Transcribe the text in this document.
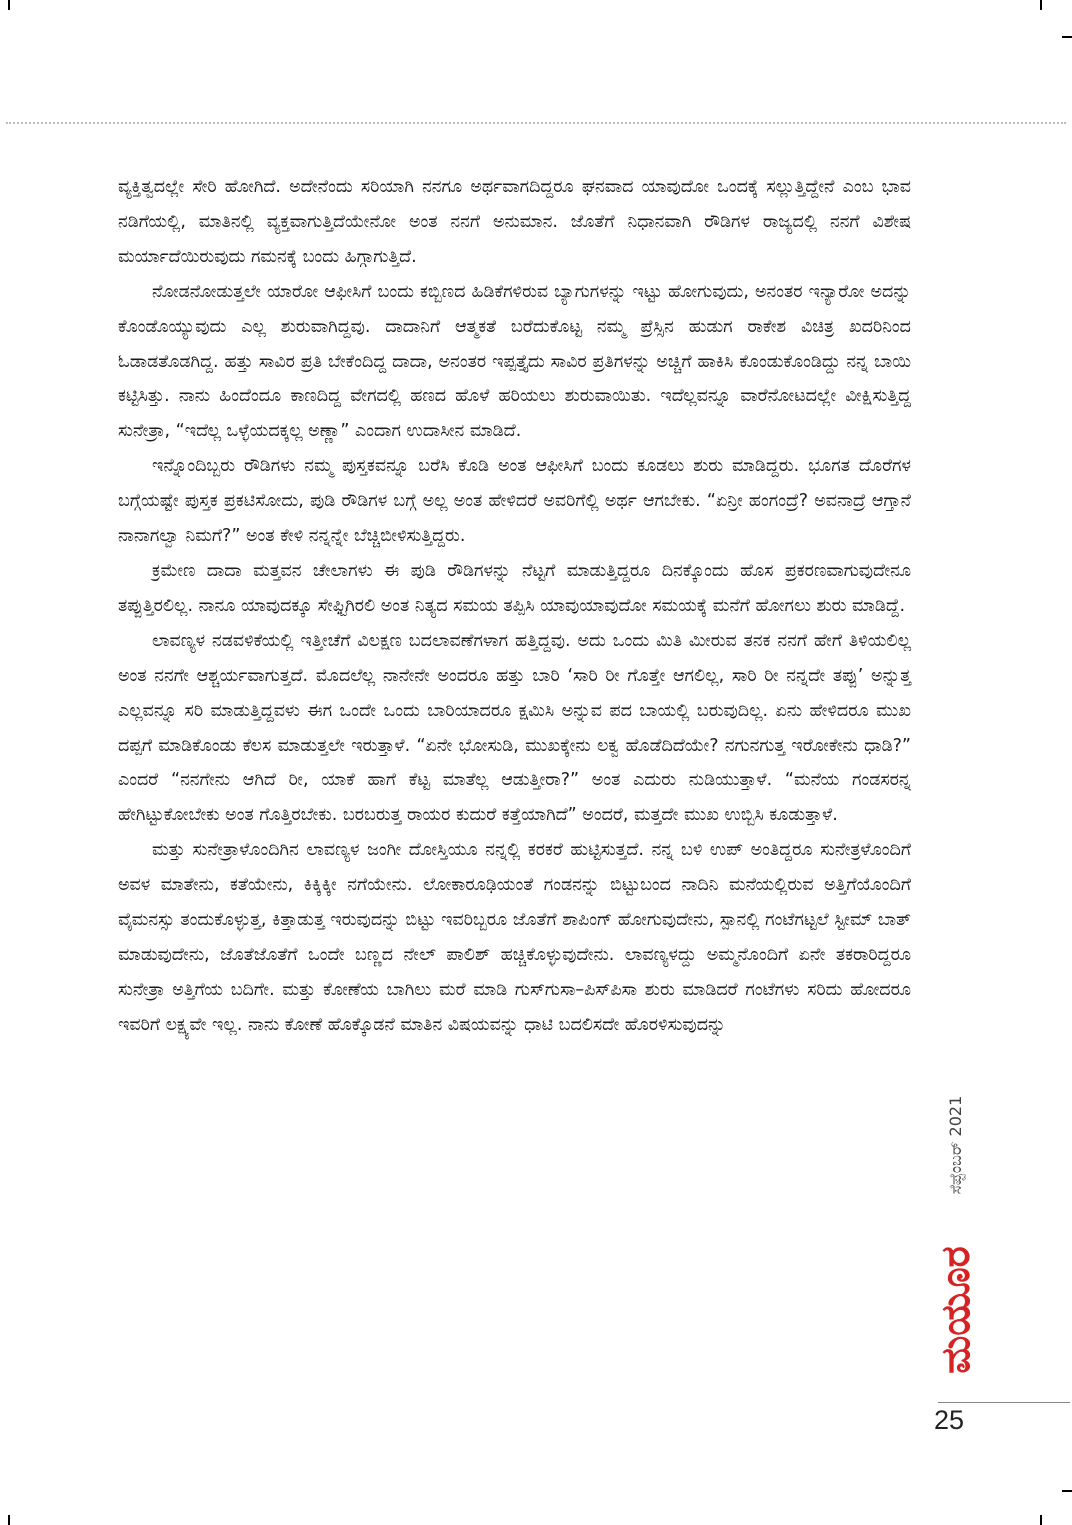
ವ್ಯಕ್ತಿತ್ವದಲ್ಲೇ ಸೇರಿ ಹೋಗಿದೆ. ಅದೇನೆಂದು ಸರಿಯಾಗಿ ನನಗೂ ಅರ್ಥವಾಗದಿದ್ದರೂ ಘನವಾದ ಯಾವುದೋ ಒಂದಕ್ಕೆ ಸಲ್ಲುತ್ತಿದ್ದೇನೆ ಎಂಬ ಭಾವ ನಡಿಗೆಯಲ್ಲಿ, ಮಾತಿನಲ್ಲಿ ವ್ಯಕ್ತವಾಗುತ್ತಿದೆಯೇನೋ ಅಂತ ನನಗೆ ಅನುಮಾನ. ಜೊತೆಗೆ ನಿಧಾನವಾಗಿ ರೌಡಿಗಳ ರಾಜ್ಯದಲ್ಲಿ ನನಗೆ ವಿಶೇಷ ಮರ್ಯಾದೆಯಿರುವುದು ಗಮನಕ್ಕೆ ಬಂದು ಹಿಗ್ಗಾಗುತ್ತಿದೆ.

ನೋಡನೋಡುತ್ತಲೇ ಯಾರೋ ಆಫೀಸಿಗೆ ಬಂದು ಕಬ್ಬಿಣದ ಹಿಡಿಕೆಗಳಿರುವ ಬ್ಯಾಗುಗಳನ್ನು ಇಟ್ಟು ಹೋಗುವುದು, ಅನಂತರ ಇನ್ಯಾರೋ ಅದನ್ನು ಕೊಂಡೊಯ್ಯುವುದು ಎಲ್ಲ ಶುರುವಾಗಿದ್ದವು. ದಾದಾನಿಗೆ ಆತ್ಮಕತೆ ಬರೆದುಕೊಟ್ಟ ನಮ್ಮ ಪ್ರೆಸ್ಸಿನ ಹುಡುಗ ರಾಕೇಶ ವಿಚಿತ್ರ ಖದರಿನಿಂದ ಓಡಾಡತೊಡಗಿದ್ದ. ಹತ್ತು ಸಾವಿರ ಪ್ರತಿ ಬೇಕೆಂದಿದ್ದ ದಾದಾ, ಅನಂತರ ಇಪ್ಪತ್ತೈದು ಸಾವಿರ ಪ್ರತಿಗಳನ್ನು ಅಚ್ಚಿಗೆ ಹಾಕಿಸಿ ಕೊಂಡುಕೊಂಡಿದ್ದು ನನ್ನ ಬಾಯಿ ಕಟ್ಟಿಸಿತ್ತು. ನಾನು ಹಿಂದೆಂದೂ ಕಾಣದಿದ್ದ ವೇಗದಲ್ಲಿ ಹಣದ ಹೊಳೆ ಹರಿಯಲು ಶುರುವಾಯಿತು. ಇದೆಲ್ಲವನ್ನೂ ವಾರೆನೋಟದಲ್ಲೇ ವೀಕ್ಷಿಸುತ್ತಿದ್ದ ಸುನೇತ್ರಾ, “ಇದೆಲ್ಲ ಒಳ್ಳೆಯದಕ್ಕಲ್ಲ ಅಣ್ಣಾ” ಎಂದಾಗ ಉದಾಸೀನ ಮಾಡಿದೆ.

ಇನ್ನೊಂದಿಬ್ಬರು ರೌಡಿಗಳು ನಮ್ಮ ಪುಸ್ತಕವನ್ನೂ ಬರೆಸಿ ಕೊಡಿ ಅಂತ ಆಫೀಸಿಗೆ ಬಂದು ಕೂಡಲು ಶುರು ಮಾಡಿದ್ದರು. ಭೂಗತ ದೊರೆಗಳ ಬಗ್ಗೆಯಷ್ಟೇ ಪುಸ್ತಕ ಪ್ರಕಟಿಸೋದು, ಪುಡಿ ರೌಡಿಗಳ ಬಗ್ಗೆ ಅಲ್ಲ ಅಂತ ಹೇಳಿದರೆ ಅವರಿಗೆಲ್ಲಿ ಅರ್ಥ ಆಗಬೇಕು. “ಏನ್ರೀ ಹಂಗಂದ್ರೆ? ಅವನಾದ್ರೆ ಆಗ್ತಾನೆ ನಾನಾಗಲ್ವಾ ನಿಮಗೆ?” ಅಂತ ಕೇಳಿ ನನ್ನನ್ನೇ ಬೆಚ್ಚಿಬೀಳಿಸುತ್ತಿದ್ದರು.

ಕ್ರಮೇಣ ದಾದಾ ಮತ್ತವನ ಚೇಲಾಗಳು ಈ ಪುಡಿ ರೌಡಿಗಳನ್ನು ನೆಟ್ಟಗೆ ಮಾಡುತ್ತಿದ್ದರೂ ದಿನಕ್ಕೊಂದು ಹೊಸ ಪ್ರಕರಣವಾಗುವುದೇನೂ ತಪ್ಪುತ್ತಿರಲಿಲ್ಲ. ನಾನೂ ಯಾವುದಕ್ಕೂ ಸೇಫ್ಟಿಗಿರಲಿ ಅಂತ ನಿತ್ಯದ ಸಮಯ ತಪ್ಪಿಸಿ ಯಾವುಯಾವುದೋ ಸಮಯಕ್ಕೆ ಮನೆಗೆ ಹೋಗಲು ಶುರು ಮಾಡಿದ್ದೆ.

ಲಾವಣ್ಯಳ ನಡವಳಿಕೆಯಲ್ಲಿ ಇತ್ತೀಚೆಗೆ ವಿಲಕ್ಷಣ ಬದಲಾವಣೆಗಳಾಗ ಹತ್ತಿದ್ದವು. ಅದು ಒಂದು ಮಿತಿ ಮೀರುವ ತನಕ ನನಗೆ ಹೇಗೆ ತಿಳಿಯಲಿಲ್ಲ ಅಂತ ನನಗೇ ಆಶ್ಚರ್ಯವಾಗುತ್ತದೆ. ಮೊದಲೆಲ್ಲ ನಾನೇನೇ ಅಂದರೂ ಹತ್ತು ಬಾರಿ ‘ಸಾರಿ ರೀ ಗೊತ್ತೇ ಆಗಲಿಲ್ಲ, ಸಾರಿ ರೀ ನನ್ನದೇ ತಪ್ಪು’ ಅನ್ನುತ್ತ ಎಲ್ಲವನ್ನೂ ಸರಿ ಮಾಡುತ್ತಿದ್ದವಳು ಈಗ ಒಂದೇ ಒಂದು ಬಾರಿಯಾದರೂ ಕ್ಷಮಿಸಿ ಅನ್ನುವ ಪದ ಬಾಯಲ್ಲಿ ಬರುವುದಿಲ್ಲ. ಏನು ಹೇಳಿದರೂ ಮುಖ ದಪ್ಪಗೆ ಮಾಡಿಕೊಂಡು ಕೆಲಸ ಮಾಡುತ್ತಲೇ ಇರುತ್ತಾಳೆ. “ಏನೇ ಭೋಸುಡಿ, ಮುಖಕ್ಕೇನು ಲಕ್ವ ಹೊಡೆದಿದೆಯೇ? ನಗುನಗುತ್ತ ಇರೋಕೇನು ಧಾಡಿ?” ಎಂದರೆ “ನನಗೇನು ಆಗಿದೆ ರೀ, ಯಾಕೆ ಹಾಗೆ ಕೆಟ್ಟ ಮಾತೆಲ್ಲ ಆಡುತ್ತೀರಾ?” ಅಂತ ಎದುರು ನುಡಿಯುತ್ತಾಳೆ. “ಮನೆಯ ಗಂಡಸರನ್ನ ಹೇಗಿಟ್ಟುಕೋಬೇಕು ಅಂತ ಗೊತ್ತಿರಬೇಕು. ಬರಬರುತ್ತ ರಾಯರ ಕುದುರೆ ಕತ್ತೆಯಾಗಿದೆ” ಅಂದರೆ, ಮತ್ತದೇ ಮುಖ ಉಬ್ಬಿಸಿ ಕೂಡುತ್ತಾಳೆ.

ಮತ್ತು ಸುನೇತ್ರಾಳೊಂದಿಗಿನ ಲಾವಣ್ಯಳ ಜಂಗೀ ದೋಸ್ತಿಯೂ ನನ್ನಲ್ಲಿ ಕರಕರೆ ಹುಟ್ಟಿಸುತ್ತದೆ. ನನ್ನ ಬಳಿ ಉಪ್ ಅಂತಿದ್ದರೂ ಸುನೇತ್ರಳೊಂದಿಗೆ ಅವಳ ಮಾತೇನು, ಕತೆಯೇನು, ಕಿಕ್ಕಿಕ್ಕೀ ನಗೆಯೇನು. ಲೋಕಾರೂಢಿಯಂತೆ ಗಂಡನನ್ನು ಬಿಟ್ಟುಬಂದ ನಾದಿನಿ ಮನೆಯಲ್ಲಿರುವ ಅತ್ತಿಗೆಯೊಂದಿಗೆ ವೈಮನಸ್ಸು ತಂದುಕೊಳ್ಳುತ್ತ, ಕಿತ್ತಾಡುತ್ತ ಇರುವುದನ್ನು ಬಿಟ್ಟು ಇವರಿಬ್ಬರೂ ಜೊತೆಗೆ ಶಾಪಿಂಗ್ ಹೋಗುವುದೇನು, ಸ್ಪಾನಲ್ಲಿ ಗಂಟೆಗಟ್ಟಲೆ ಸ್ಟೀಮ್ ಬಾತ್ ಮಾಡುವುದೇನು, ಜೊತೆಜೊತೆಗೆ ಒಂದೇ ಬಣ್ಣದ ನೇಲ್ ಪಾಲಿಶ್ ಹಚ್ಚಿಕೊಳ್ಳುವುದೇನು. ಲಾವಣ್ಯಳದ್ದು ಅಮ್ಮನೊಂದಿಗೆ ಏನೇ ತಕರಾರಿದ್ದರೂ ಸುನೇತ್ರಾ ಅತ್ತಿಗೆಯ ಬದಿಗೇ. ಮತ್ತು ಕೋಣೆಯ ಬಾಗಿಲು ಮರೆ ಮಾಡಿ ಗುಸ್‌ಗುಸಾ–ಪಿಸ್‌ಪಿಸಾ ಶುರು ಮಾಡಿದರೆ ಗಂಟೆಗಳು ಸರಿದು ಹೋದರೂ ಇವರಿಗೆ ಲಕ್ಷ್ಯವೇ ಇಲ್ಲ. ನಾನು ಕೋಣೆ ಹೊಕ್ಕೊಡನೆ ಮಾತಿನ ವಿಷಯವನ್ನು ಧಾಟಿ ಬದಲಿಸದೇ ಹೊರಳಿಸುವುದನ್ನು

ಸೆಪ್ಟೆಂಬರ್ 2021
ಮಯೂರ
25
